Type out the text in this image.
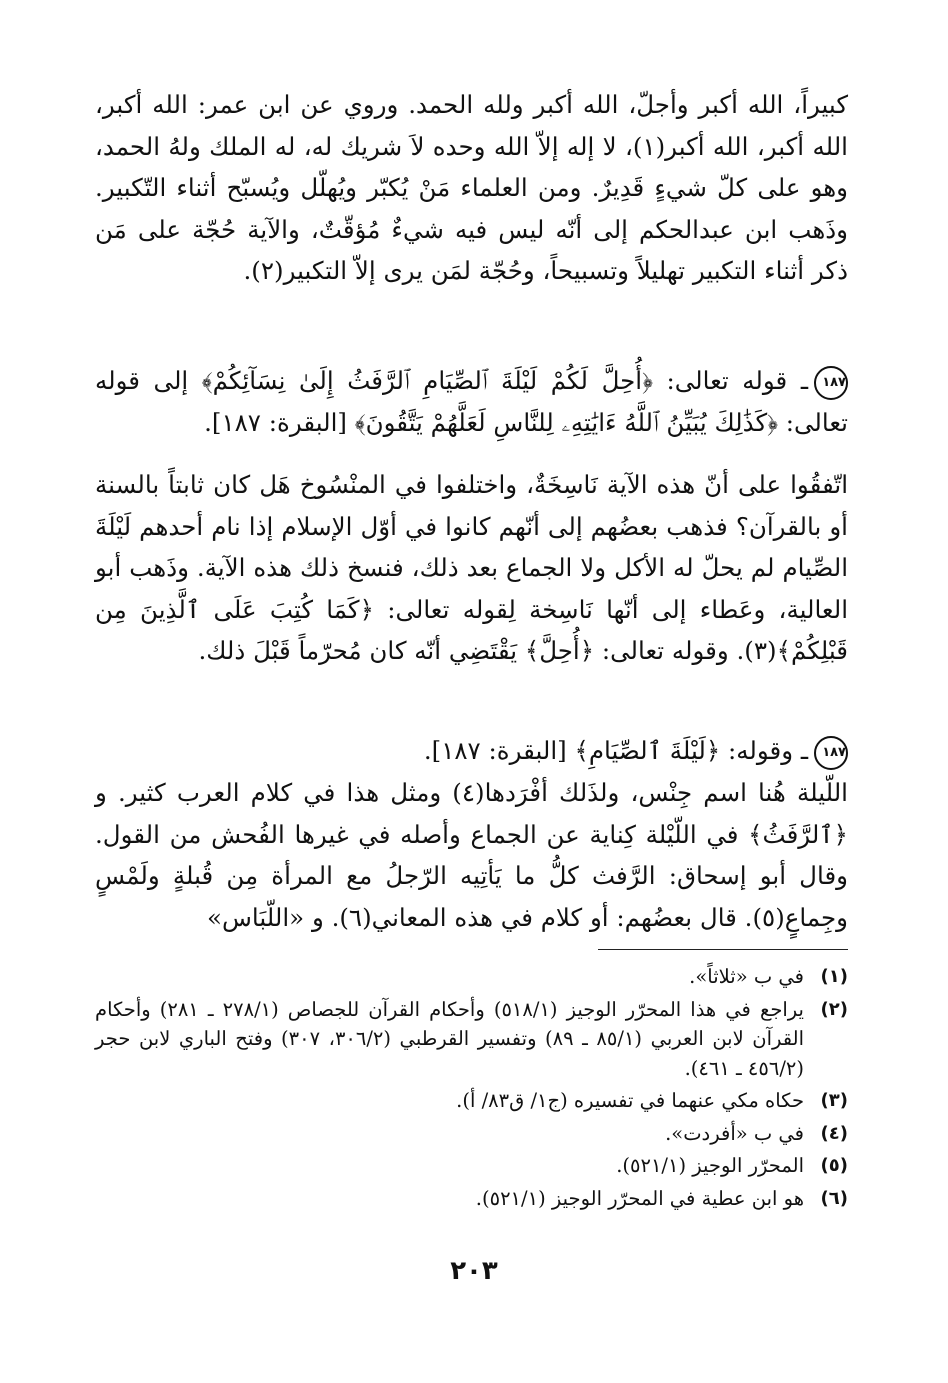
كبيراً، الله أكبر وأجلّ، الله أكبر ولله الحمد. وروي عن ابن عمر: الله أكبر، الله أكبر، الله أكبر(١)، لا إله إلاّ الله وحده لاَ شريك له، له الملك ولهُ الحمد، وهو على كلّ شيءٍ قَدِيرٌ. ومن العلماء مَنْ يُكبّر ويُهلّل ويُسبّح أثناء التّكبير. وذَهب ابن عبدالحكم إلى أنّه ليس فيه شيءٌ مُؤقّتٌ، والآية حُجّة على مَن ذكر أثناء التكبير تهليلاً وتسبيحاً، وحُجّة لمَن يرى إلاّ التكبير(٢).

١٨٧ـ قوله تعالى: ﴿أُحِلَّ لَكُمْ لَيْلَةَ ٱلصِّيَامِ ٱلرَّفَثُ إِلَىٰ نِسَآئِكُمْ﴾ إلى قوله تعالى: ﴿كَذَٰلِكَ يُبَيِّنُ ٱللَّهُ ءَايَٰتِهِۦ لِلنَّاسِ لَعَلَّهُمْ يَتَّقُونَ﴾ [البقرة: ١٨٧].

اتّفقُوا على أنّ هذه الآية نَاسِخَةٌ، واختلفوا في المنْسُوخ هَل كان ثابتاً بالسنة أو بالقرآن؟ فذهب بعضُهم إلى أنّهم كانوا في أوّل الإسلام إذا نام أحدهم لَيْلَةَ الصِّيام لم يحلّ له الأكل ولا الجماع بعد ذلك، فنسخ ذلك هذه الآية. وذَهب أبو العالية، وعَطاء إلى أنّها نَاسِخة لِقوله تعالى: ﴿كَمَا كُتِبَ عَلَى ٱلَّذِينَ مِن قَبْلِكُمْ﴾(٣). وقوله تعالى: ﴿أُحِلَّ﴾ يَقْتَضِي أنّه كان مُحرّماً قَبْلَ ذلك.

١٨٧ـ وقوله: ﴿لَيْلَةَ ٱلصِّيَامِ﴾ [البقرة: ١٨٧].

اللّيلة هُنا اسم جِنْس، ولذَلك أفْرَدها(٤) ومثل هذا في كلام العرب كثير. و ﴿ٱلرَّفَثُ﴾ في اللّيْلة كِناية عن الجماع وأصله في غيرها الفُحش من القول. وقال أبو إسحاق: الرَّفث كلُّ ما يَأتِيه الرّجلُ مع المرأة مِن قُبلةٍ ولَمْسٍ وجِماعٍ(٥). قال بعضُهم: أو كلام في هذه المعاني(٦). و «اللّبَاس»

(١)
في ب «ثلاثاً».
(٢)
يراجع في هذا المحرّر الوجيز (٥١٨/١) وأحكام القرآن للجصاص (٢٧٨/١ ـ ٢٨١) وأحكام القرآن لابن العربي (٨٥/١ ـ ٨٩) وتفسير القرطبي (٣٠٦/٢، ٣٠٧) وفتح الباري لابن حجر (٤٥٦/٢ ـ ٤٦١).
(٣)
حكاه مكي عنهما في تفسيره (ج١/ ق٨٣/ أ).
(٤)
في ب «أفردت».
(٥)
المحرّر الوجيز (٥٢١/١).
(٦)
هو ابن عطية في المحرّر الوجيز (٥٢١/١).
٢٠٣
